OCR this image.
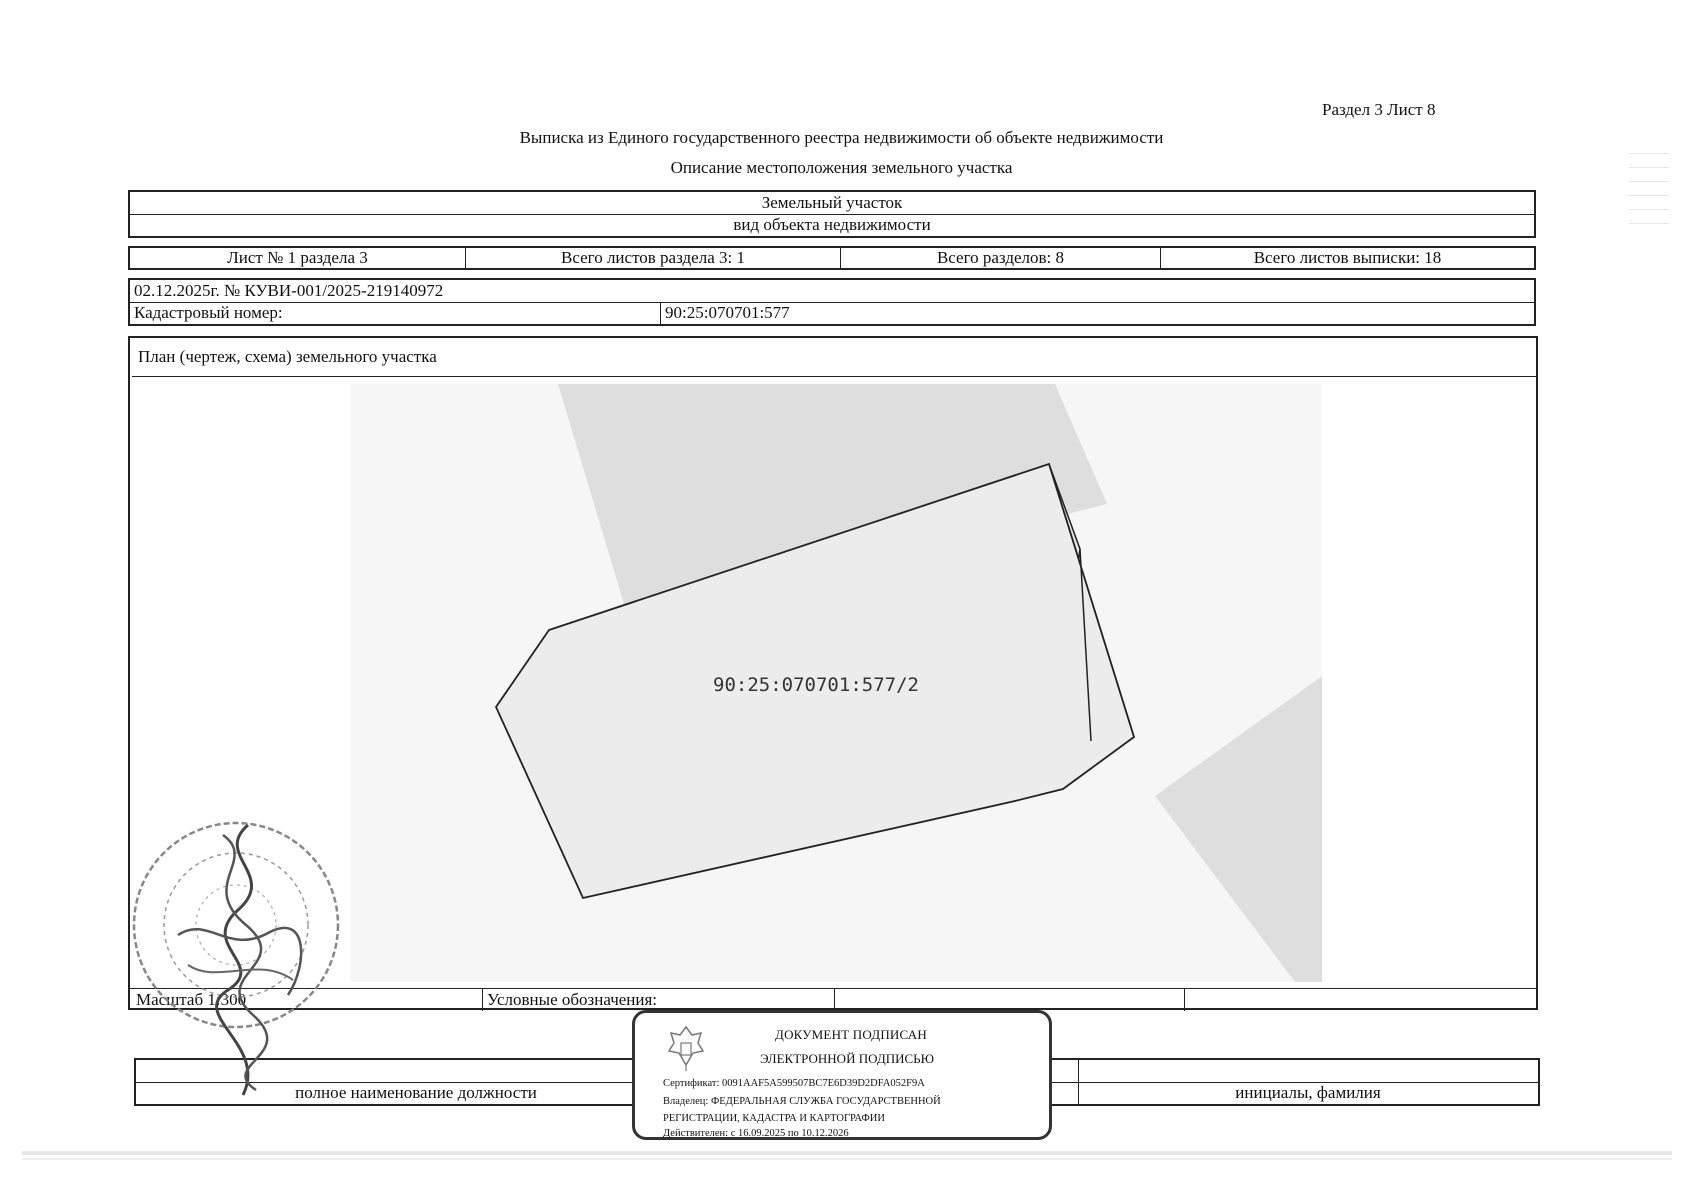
Раздел 3 Лист 8
Выписка из Единого государственного реестра недвижимости об объекте недвижимости
Описание местоположения земельного участка
Земельный участок
вид объекта недвижимости
Лист № 1 раздела 3	Всего листов раздела 3: 1	Всего разделов: 8	Всего листов выписки: 18
02.12.2025г. № КУВИ-001/2025-219140972
Кадастровый номер:	90:25:070701:577
План (чертеж, схема) земельного участка
90:25:070701:577/2
Масштаб 1:300	Условные обозначения:
полное наименование должности	инициалы, фамилия
ДОКУМЕНТ ПОДПИСАН
ЭЛЕКТРОННОЙ ПОДПИСЬЮ
Сертификат: 0091AAF5A599507BC7E6D39D2DFA052F9A
Владелец: ФЕДЕРАЛЬНАЯ СЛУЖБА ГОСУДАРСТВЕННОЙ
РЕГИСТРАЦИИ, КАДАСТРА И КАРТОГРАФИИ
Действителен: с 16.09.2025 по 10.12.2026
